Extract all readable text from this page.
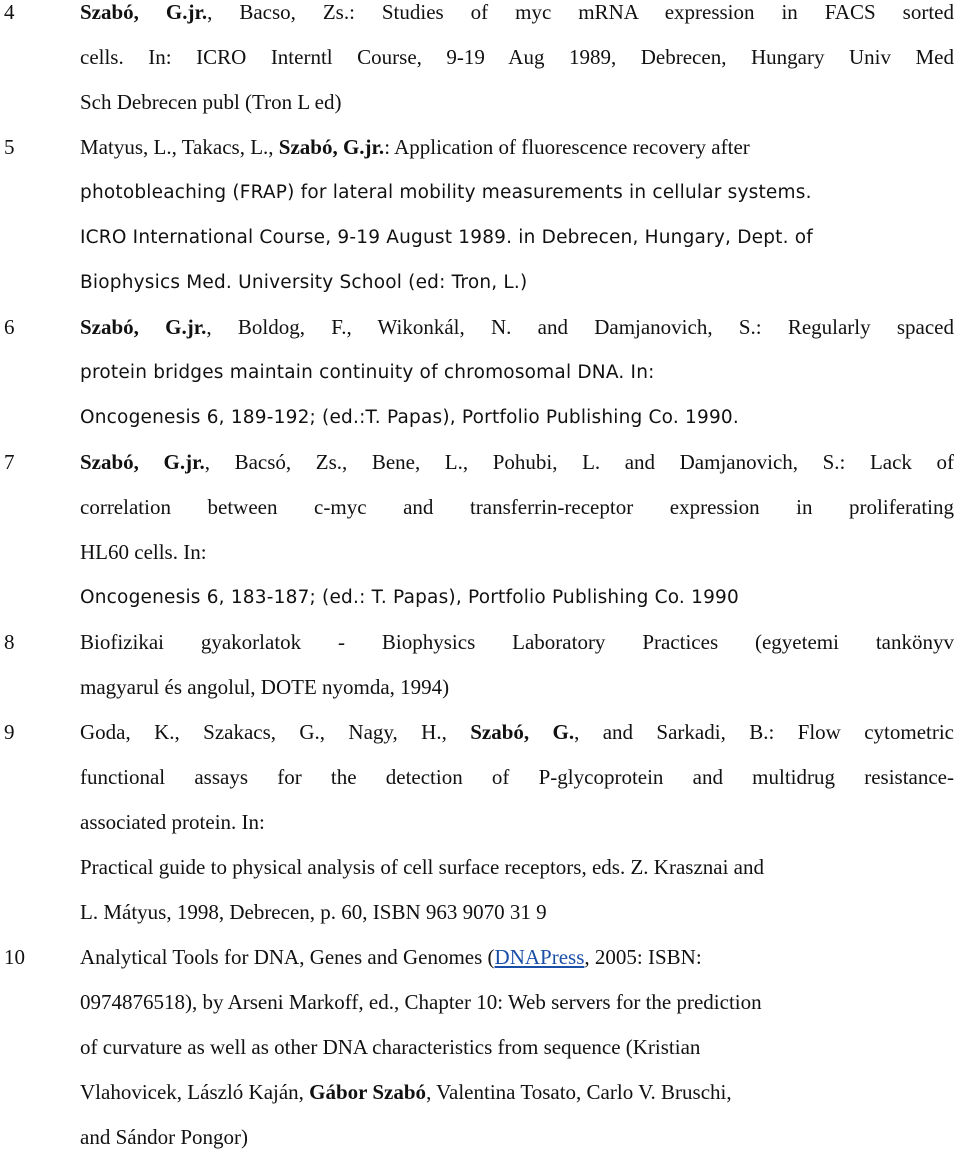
4	Szabó, G.jr., Bacso, Zs.: Studies of myc mRNA expression in FACS sorted
cells. In: ICRO Interntl Course, 9-19 Aug 1989, Debrecen, Hungary Univ Med
Sch Debrecen publ (Tron L ed)
5	Matyus, L., Takacs, L., Szabó, G.jr.: Application of fluorescence recovery after
photobleaching (FRAP) for lateral mobility measurements in cellular systems.
ICRO International Course, 9-19 August 1989. in Debrecen, Hungary, Dept. of
Biophysics Med. University School (ed: Tron, L.)
6	Szabó, G.jr., Boldog, F., Wikonkál, N. and Damjanovich, S.: Regularly spaced
protein bridges maintain continuity of chromosomal DNA. In:
Oncogenesis 6, 189-192; (ed.:T. Papas), Portfolio Publishing Co. 1990.
7	Szabó, G.jr., Bacsó, Zs., Bene, L., Pohubi, L. and Damjanovich, S.: Lack of
correlation between c-myc and transferrin-receptor expression in proliferating
HL60 cells. In:
Oncogenesis 6, 183-187; (ed.: T. Papas), Portfolio Publishing Co. 1990
8	Biofizikai gyakorlatok - Biophysics Laboratory Practices (egyetemi tankönyv
magyarul és angolul, DOTE nyomda, 1994)
9	Goda, K., Szakacs, G., Nagy, H., Szabó, G., and Sarkadi, B.: Flow cytometric
functional assays for the detection of P-glycoprotein and multidrug resistance-
associated protein. In:
Practical guide to physical analysis of cell surface receptors, eds. Z. Krasznai and
L. Mátyus, 1998, Debrecen, p. 60, ISBN 963 9070 31 9
10	Analytical Tools for DNA, Genes and Genomes (DNAPress, 2005: ISBN:
0974876518), by Arseni Markoff, ed., Chapter 10: Web servers for the prediction
of curvature as well as other DNA characteristics from sequence (Kristian
Vlahovicek, László Kaján, Gábor Szabó, Valentina Tosato, Carlo V. Bruschi,
and Sándor Pongor)
